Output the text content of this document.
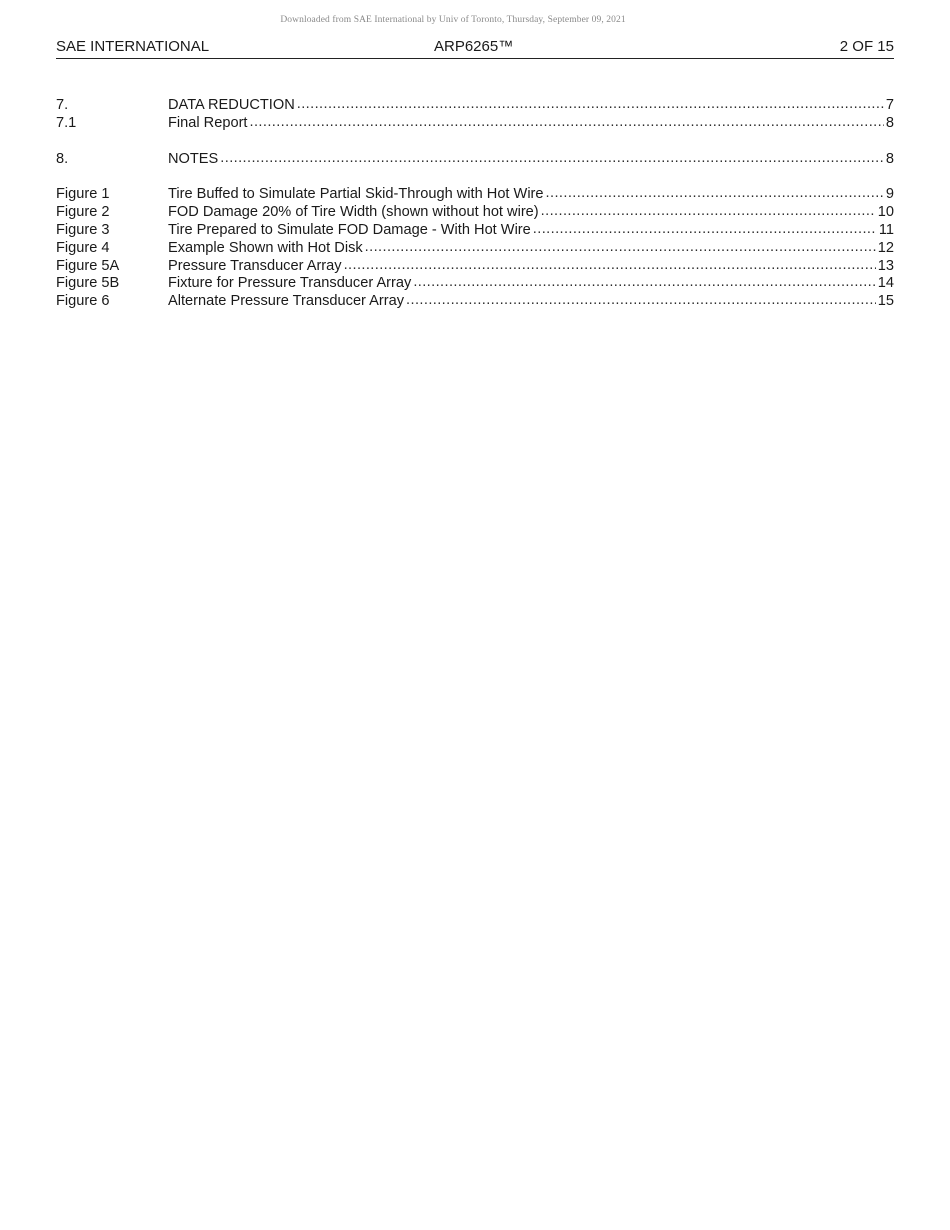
Downloaded from SAE International by Univ of Toronto, Thursday, September 09, 2021
SAE INTERNATIONAL	ARP6265™	2 OF 15
7.	DATA REDUCTION .....	7
7.1	Final Report .....	8
8.	NOTES .....	8
Figure 1	Tire Buffed to Simulate Partial Skid-Through with Hot Wire .....	9
Figure 2	FOD Damage 20% of Tire Width (shown without hot wire) .....	10
Figure 3	Tire Prepared to Simulate FOD Damage - With Hot Wire .....	11
Figure 4	Example Shown with Hot Disk .....	12
Figure 5A	Pressure Transducer Array .....	13
Figure 5B	Fixture for Pressure Transducer Array .....	14
Figure 6	Alternate Pressure Transducer Array .....	15
